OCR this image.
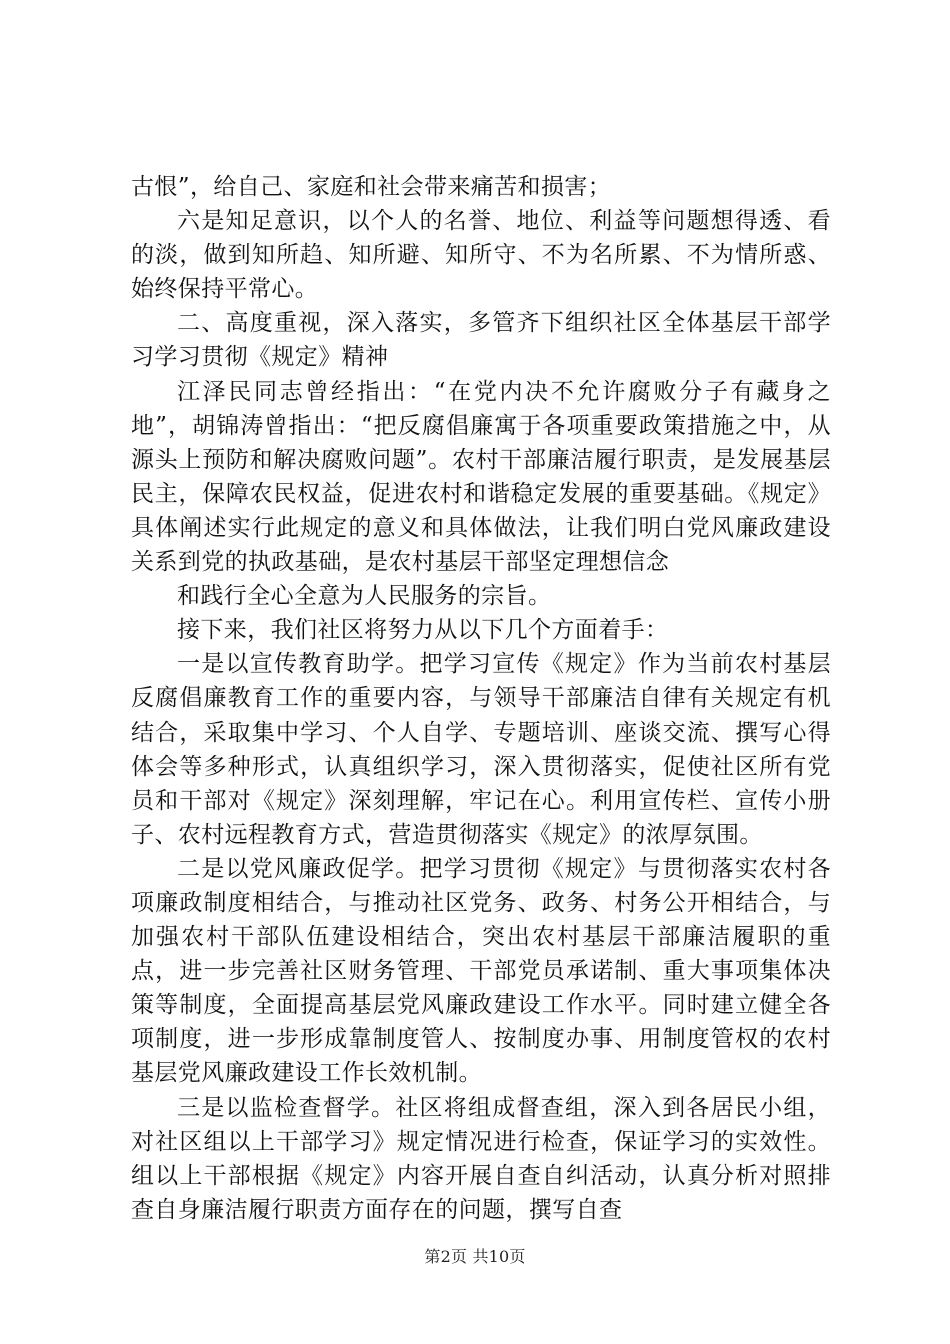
古恨”，给自己、家庭和社会带来痛苦和损害；

六是知足意识，以个人的名誉、地位、利益等问题想得透、看的淡，做到知所趋、知所避、知所守、不为名所累、不为情所惑、始终保持平常心。

二、高度重视，深入落实，多管齐下组织社区全体基层干部学习学习贯彻《规定》精神

江泽民同志曾经指出：“在党内决不允许腐败分子有藏身之地”，胡锦涛曾指出：“把反腐倡廉寓于各项重要政策措施之中，从源头上预防和解决腐败问题”。农村干部廉洁履行职责，是发展基层民主，保障农民权益，促进农村和谐稳定发展的重要基础。《规定》具体阐述实行此规定的意义和具体做法，让我们明白党风廉政建设关系到党的执政基础，是农村基层干部坚定理想信念

和践行全心全意为人民服务的宗旨。

接下来，我们社区将努力从以下几个方面着手：

一是以宣传教育助学。把学习宣传《规定》作为当前农村基层反腐倡廉教育工作的重要内容，与领导干部廉洁自律有关规定有机结合，采取集中学习、个人自学、专题培训、座谈交流、撰写心得体会等多种形式，认真组织学习，深入贯彻落实，促使社区所有党员和干部对《规定》深刻理解，牢记在心。利用宣传栏、宣传小册子、农村远程教育方式，营造贯彻落实《规定》的浓厚氛围。

二是以党风廉政促学。把学习贯彻《规定》与贯彻落实农村各项廉政制度相结合，与推动社区党务、政务、村务公开相结合，与加强农村干部队伍建设相结合，突出农村基层干部廉洁履职的重点，进一步完善社区财务管理、干部党员承诺制、重大事项集体决策等制度，全面提高基层党风廉政建设工作水平。同时建立健全各项制度，进一步形成靠制度管人、按制度办事、用制度管权的农村基层党风廉政建设工作长效机制。

三是以监检查督学。社区将组成督查组，深入到各居民小组，对社区组以上干部学习》规定情况进行检查，保证学习的实效性。组以上干部根据《规定》内容开展自查自纠活动，认真分析对照排查自身廉洁履行职责方面存在的问题，撰写自查

第2页 共10页
